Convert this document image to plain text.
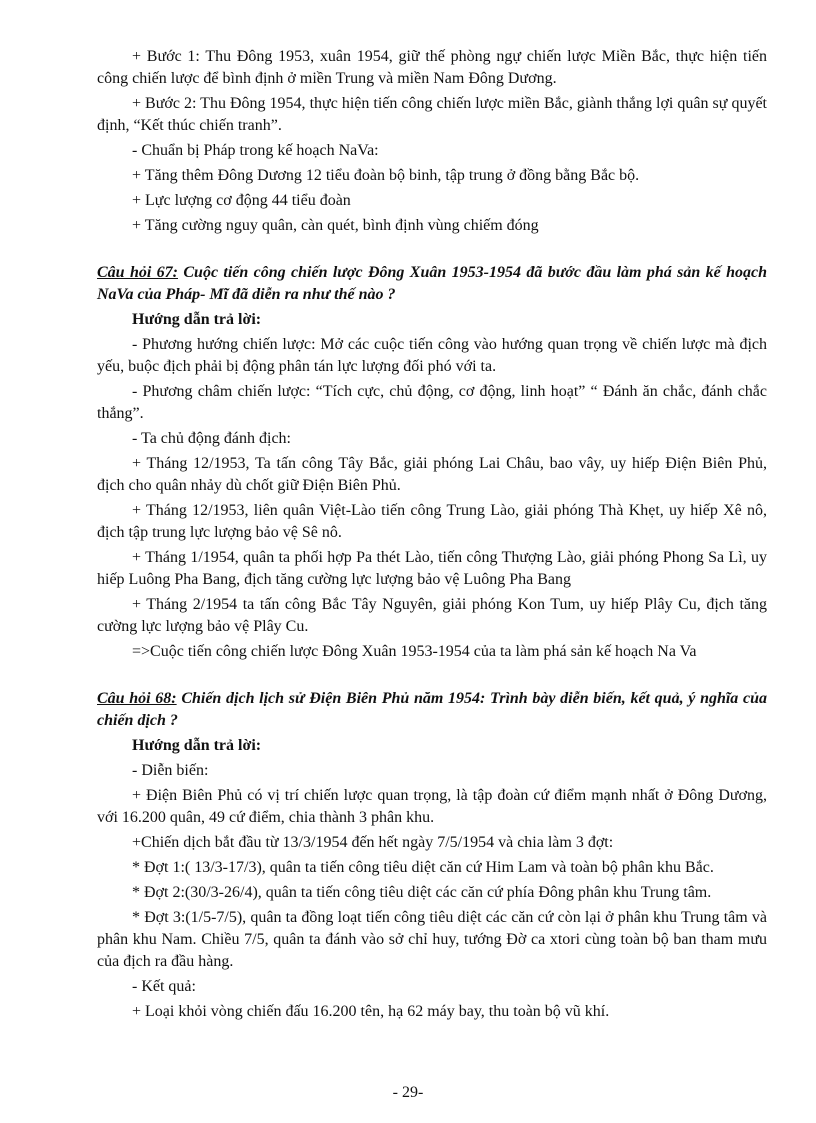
+ Bước 1: Thu Đông 1953, xuân 1954, giữ thế phòng ngự chiến lược Miền Bắc, thực hiện tiến công chiến lược để bình định ở miền Trung và miền Nam Đông Dương.

+ Bước 2: Thu Đông 1954, thực hiện tiến công chiến lược miền Bắc, giành thắng lợi quân sự quyết định, “Kết thúc chiến tranh”.

- Chuẩn bị Pháp trong kế hoạch NaVa:

+ Tăng thêm Đông Dương 12 tiểu đoàn bộ binh, tập trung ở đồng bằng Bắc bộ.

+ Lực lượng cơ động 44 tiểu đoàn

+ Tăng cường nguy quân, càn quét, bình định vùng chiếm đóng

Câu hỏi 67: Cuộc tiến công chiến lược Đông Xuân 1953-1954 đã bước đầu làm phá sản kế hoạch NaVa của Pháp- Mĩ đã diễn ra như thế nào ?

Hướng dẫn trả lời:

- Phương hướng chiến lược: Mở các cuộc tiến công vào hướng quan trọng về chiến lược mà địch yếu, buộc địch phải bị động phân tán lực lượng đối phó với ta.

- Phương châm chiến lược: “Tích cực, chủ động, cơ động, linh hoạt” “ Đánh ăn chắc, đánh chắc thắng”.

- Ta chủ động đánh địch:

+ Tháng 12/1953, Ta tấn công Tây Bắc, giải phóng Lai Châu, bao vây, uy hiếp Điện Biên Phủ, địch cho quân nhảy dù chốt giữ Điện Biên Phủ.

+ Tháng 12/1953, liên quân Việt-Lào tiến công Trung Lào, giải phóng Thà Khẹt, uy hiếp Xê nô, địch tập trung lực lượng bảo vệ Sê nô.

+ Tháng 1/1954, quân ta phối hợp Pa thét Lào, tiến công Thượng Lào, giải phóng Phong Sa Lì, uy hiếp Luông Pha Bang, địch tăng cường lực lượng bảo vệ Luông Pha Bang

+ Tháng 2/1954 ta tấn công Bắc Tây Nguyên, giải phóng Kon Tum, uy hiếp Plây Cu, địch tăng cường lực lượng bảo vệ Plây Cu.

=>Cuộc tiến công chiến lược Đông Xuân 1953-1954 của ta làm phá sản kế hoạch Na Va

Câu hỏi 68: Chiến dịch lịch sử Điện Biên Phủ năm 1954: Trình bày diễn biến, kết quả, ý nghĩa của chiến dịch ?

Hướng dẫn trả lời:

- Diễn biến:

+ Điện Biên Phủ có vị trí chiến lược quan trọng, là tập đoàn cứ điểm mạnh nhất ở Đông Dương, với 16.200 quân, 49 cứ điểm, chia thành 3 phân khu.

+Chiến dịch bắt đầu từ 13/3/1954 đến hết ngày 7/5/1954 và chia làm 3 đợt:

* Đợt 1:( 13/3-17/3), quân ta tiến công tiêu diệt căn cứ Him Lam và toàn bộ phân khu Bắc.

* Đợt 2:(30/3-26/4), quân ta tiến công tiêu diệt các căn cứ phía Đông phân khu Trung tâm.

* Đợt 3:(1/5-7/5), quân ta đồng loạt tiến công tiêu diệt các căn cứ còn lại ở phân khu Trung tâm và phân khu Nam. Chiều 7/5, quân ta đánh vào sở chỉ huy, tướng Đờ ca xtori cùng toàn bộ ban tham mưu của địch ra đầu hàng.

- Kết quả:

+ Loại khỏi vòng chiến đấu 16.200 tên, hạ 62 máy bay, thu toàn bộ vũ khí.

- 29-
